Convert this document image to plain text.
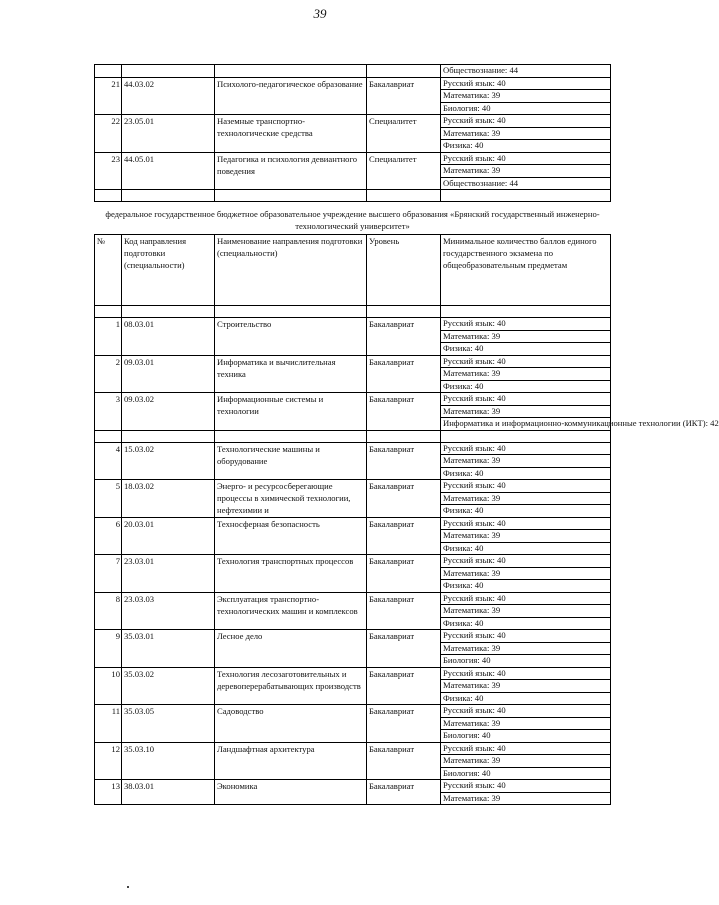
39
				Обществознание: 44
21	44.03.02	Психолого-педагогическое образование	Бакалавриат	Русский язык: 40
				Математика: 39
				Биология: 40
22	23.05.01	Наземные транспортно-технологические средства	Специалитет	Русский язык: 40
				Математика: 39
				Физика: 40
23	44.05.01	Педагогика и психология девиантного поведения	Специалитет	Русский язык: 40
				Математика: 39
				Обществознание: 44

федеральное государственное бюджетное образовательное учреждение высшего образования «Брянский государственный инженерно-технологический университет»				
№	Код направления подготовки (специальности)	Наименование направления подготовки (специальности)	Уровень	Минимальное количество баллов единого государственного экзамена по общеобразовательным предметам

1	08.03.01	Строительство	Бакалавриат	Русский язык: 40
				Математика: 39
				Физика: 40
2	09.03.01	Информатика и вычислительная техника	Бакалавриат	Русский язык: 40
				Математика: 39
				Физика: 40
3	09.03.02	Информационные системы и технологии	Бакалавриат	Русский язык: 40
				Математика: 39
				Информатика и информационно-коммуникационные технологии (ИКТ): 42

4	15.03.02	Технологические машины и оборудование	Бакалавриат	Русский язык: 40
				Математика: 39
				Физика: 40
5	18.03.02	Энерго- и ресурсосберегающие процессы в химической технологии, нефтехимии и	Бакалавриат	Русский язык: 40
				Математика: 39
				Физика: 40
6	20.03.01	Техносферная безопасность	Бакалавриат	Русский язык: 40
				Математика: 39
				Физика: 40
7	23.03.01	Технология транспортных процессов	Бакалавриат	Русский язык: 40
				Математика: 39
				Физика: 40
8	23.03.03	Эксплуатация транспортно-технологических машин и комплексов	Бакалавриат	Русский язык: 40
				Математика: 39
				Физика: 40
9	35.03.01	Лесное дело	Бакалавриат	Русский язык: 40
				Математика: 39
				Биология: 40
10	35.03.02	Технология лесозаготовительных и деревоперерабатывающих производств	Бакалавриат	Русский язык: 40
				Математика: 39
				Физика: 40
11	35.03.05	Садоводство	Бакалавриат	Русский язык: 40
				Математика: 39
				Биология: 40
12	35.03.10	Ландшафтная архитектура	Бакалавриат	Русский язык: 40
				Математика: 39
				Биология: 40
13	38.03.01	Экономика	Бакалавриат	Русский язык: 40
				Математика: 39
